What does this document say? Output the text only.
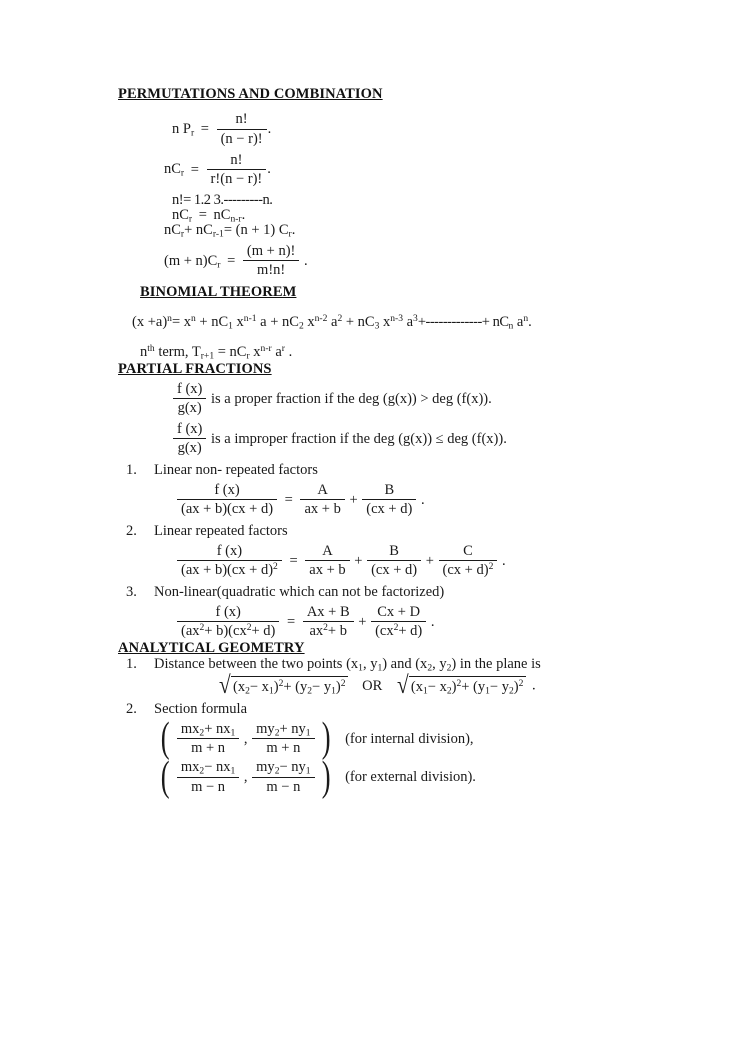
PERMUTATIONS AND COMBINATION
n $P_r = \frac{n!}{(n - r)!}$ .
$nC_r = \frac{n!}{r!(n - r)!}$ .
n!= 1.2 3.---------n.
$nC_r = nC_{n-r}$.
$nC_r+ nC_{r-1}= (n + 1)$ $C_r$.
$(m + n)C_r = \frac{(m + n)!}{m!n!}$ .
BINOMIAL THEOREM
$(x +a)^n= x^n + nC_1$ $x^{n-1}$ $a + nC_2$ $x^{n-2}$ $a^2 + nC_3$ $x^{n-3}$ $a^3+-------------+ nC_n$ $a^n$.
$n^{th}$ term, $T_{r+1} = nC_r$ $x^{n-r}$ $a^r$ .
PARTIAL FRACTIONS
$\frac{f (x)}{g(x)}$ is a proper fraction if the deg (g(x)) > deg (f(x)).
$\frac{f (x)}{g(x)}$ is a improper fraction if the deg (g(x)) ≤ deg (f(x)).
1.	Linear non- repeated factors
$\frac{f (x)}{(ax + b)(cx + d)} = \frac{A}{ax + b} + \frac{B}{(cx + d)}$ .
2.	Linear repeated factors
$\frac{f (x)}{(ax + b)(cx + d)^2} = \frac{A}{ax + b} + \frac{B}{(cx + d)} + \frac{C}{(cx + d)^2}$ .
3.	Non-linear(quadratic which can not be factorized)
$\frac{f (x)}{(ax^2+ b)(cx^2+ d)} = \frac{Ax + B}{ax^2+ b} + \frac{Cx + D}{(cx^2+ d)}$ .
ANALYTICAL GEOMETRY
1.	Distance between the two points ($x_1$, $y_1$) and ($x_2$, $y_2$) in the plane is
√ $(x_2- x_1)^2+ (y_2- y_1)^2$ OR √ $(x_1- x_2)^2+ (y_1- y_2)^2$ .
2.	Section formula
( $\frac{mx_2+ nx_1}{m + n}$ , $\frac{my_2+ ny_1}{m + n}$ ) (for internal division),
( $\frac{mx_2- nx_1}{m - n}$ , $\frac{my_2- ny_1}{m - n}$ ) (for external division).
